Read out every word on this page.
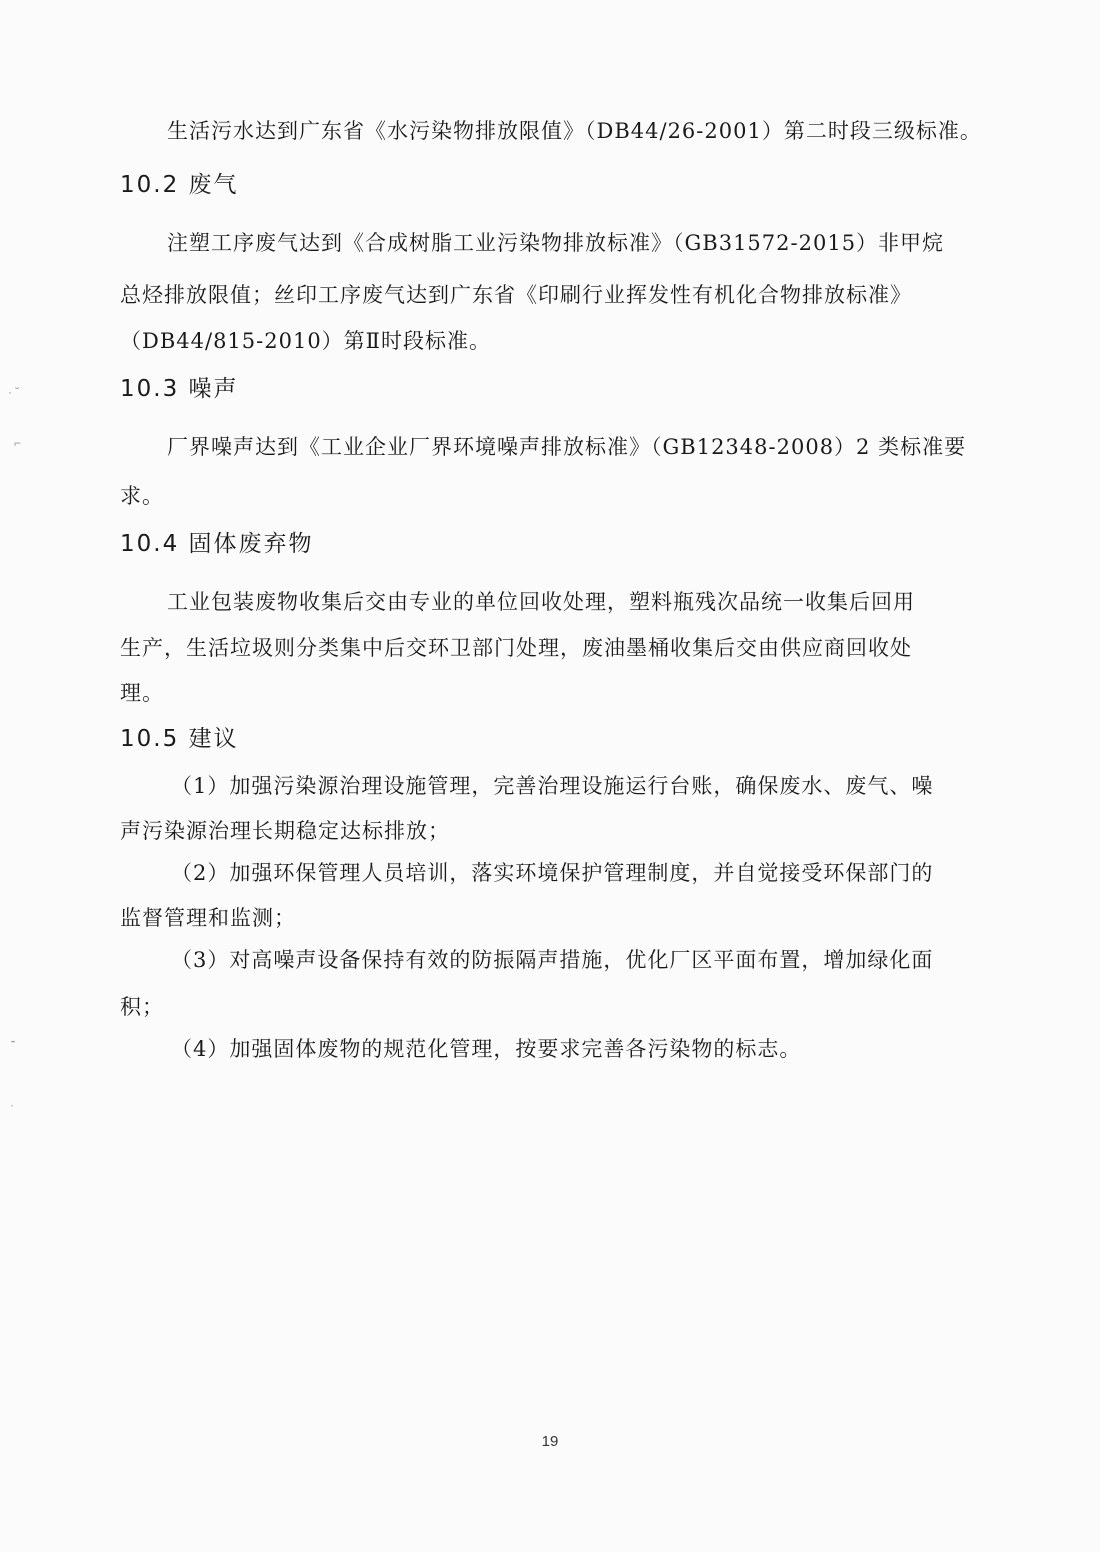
生活污水达到广东省《水污染物排放限值》（DB44/26-2001）第二时段三级标准。
10.2 废气
注塑工序废气达到《合成树脂工业污染物排放标准》（GB31572-2015）非甲烷
总烃排放限值；丝印工序废气达到广东省《印刷行业挥发性有机化合物排放标准》
（DB44/815-2010）第Ⅱ时段标准。
10.3 噪声
厂界噪声达到《工业企业厂界环境噪声排放标准》（GB12348-2008）2 类标准要
求。
10.4 固体废弃物
工业包装废物收集后交由专业的单位回收处理，塑料瓶残次品统一收集后回用
生产，生活垃圾则分类集中后交环卫部门处理，废油墨桶收集后交由供应商回收处
理。
10.5 建议
（1）加强污染源治理设施管理，完善治理设施运行台账，确保废水、废气、噪
声污染源治理长期稳定达标排放；
（2）加强环保管理人员培训，落实环境保护管理制度，并自觉接受环保部门的
监督管理和监测；
（3）对高噪声设备保持有效的防振隔声措施，优化厂区平面布置，增加绿化面
积；
（4）加强固体废物的规范化管理，按要求完善各污染物的标志。
19
· ˘
⌐
⁃
·
